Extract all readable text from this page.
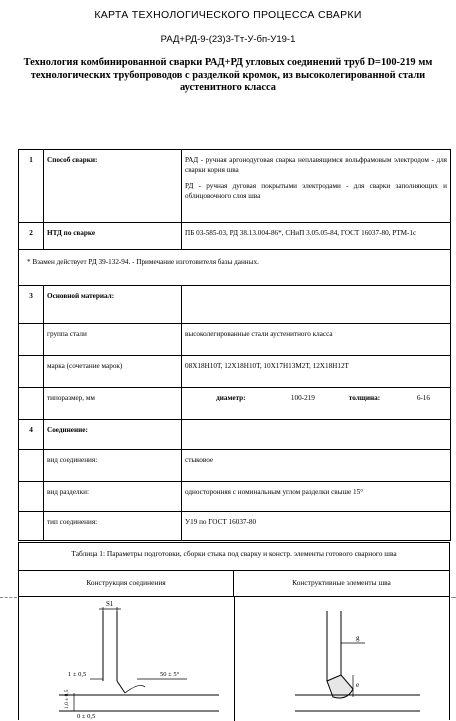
КАРТА ТЕХНОЛОГИЧЕСКОГО ПРОЦЕССА СВАРКИ
РАД+РД-9-(23)3-Тт-У-бп-У19-1
Технология комбинированной сварки РАД+РД угловых соединений труб D=100-219 мм технологических трубопроводов с разделкой кромок, из высоколегированной стали аустенитного класса
1	Способ сварки:	РАД - ручная аргонодуговая сварка неплавящимся вольфрамовым электродом - для сварки корня шва

РД - ручная дуговая покрытыми электродами - для сварки заполняющих и облицовочного слоя шва

2	НТД по сварке	ПБ 03-585-03, РД 38.13.004-86*, СНиП 3.05.05-84, ГОСТ 16037-80, РТМ-1с
* Взамен действует РД 39-132-94. - Примечание изготовителя базы данных.
3	Основной материал:	
	группа стали	высоколегированные стали аустенитного класса
	марка (сочетание марок)	08Х18Н10Т, 12Х18Н10Т, 10Х17Н13М2Т, 12Х18Н12Т
	типоразмер, мм		диаметр:	100-219	толщина:	6-16

4	Соединение:	
	вид соединения:	стыковое
	вид разделки:	односторонняя с номинальным углом разделки свыше 15°
	тип соединения:	У19 по ГОСТ 16037-80
Таблица 1: Параметры подготовки, сборки стыка под сварку и констр. элементы готового сварного шва
Конструкция соединения	Конструктивные элементы шва
S1
1 ± 0,5	50 ± 5°
1,0 ± 0,5
0 ± 0,5
g
e
